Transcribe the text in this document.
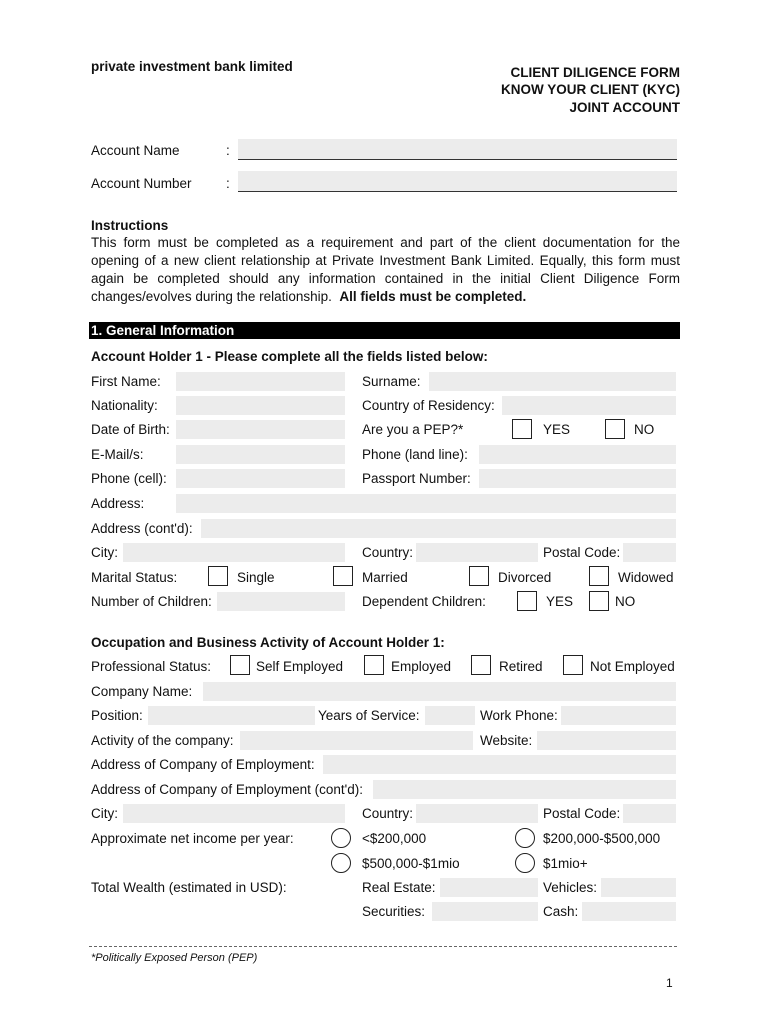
private investment bank limited	CLIENT DILIGENCE FORM
KNOW YOUR CLIENT (KYC)
JOINT ACCOUNT
Account Name	:
Account Number	:
Instructions
This form must be completed as a requirement and part of the client documentation for the opening of a new client relationship at Private Investment Bank Limited. Equally, this form must again be completed should any information contained in the initial Client Diligence Form changes/evolves during the relationship. All fields must be completed.
1. General Information
Account Holder 1 - Please complete all the fields listed below:
First Name:	Surname:
Nationality:	Country of Residency:
Date of Birth:	Are you a PEP?*	YES	NO
E-Mail/s:	Phone (land line):
Phone (cell):	Passport Number:
Address:
Address (cont'd):
City:	Country:	Postal Code:
Marital Status:	Single	Married	Divorced	Widowed
Number of Children:	Dependent Children:	YES	NO
Occupation and Business Activity of Account Holder 1:
Professional Status:	Self Employed	Employed	Retired	Not Employed
Company Name:
Position:	Years of Service:	Work Phone:
Activity of the company:	Website:
Address of Company of Employment:
Address of Company of Employment (cont'd):
City:	Country:	Postal Code:
Approximate net income per year:	<$200,000	$200,000-$500,000
$500,000-$1mio	$1mio+
Total Wealth (estimated in USD):	Real Estate:	Vehicles:
Securities:	Cash:
*Politically Exposed Person (PEP)
1
